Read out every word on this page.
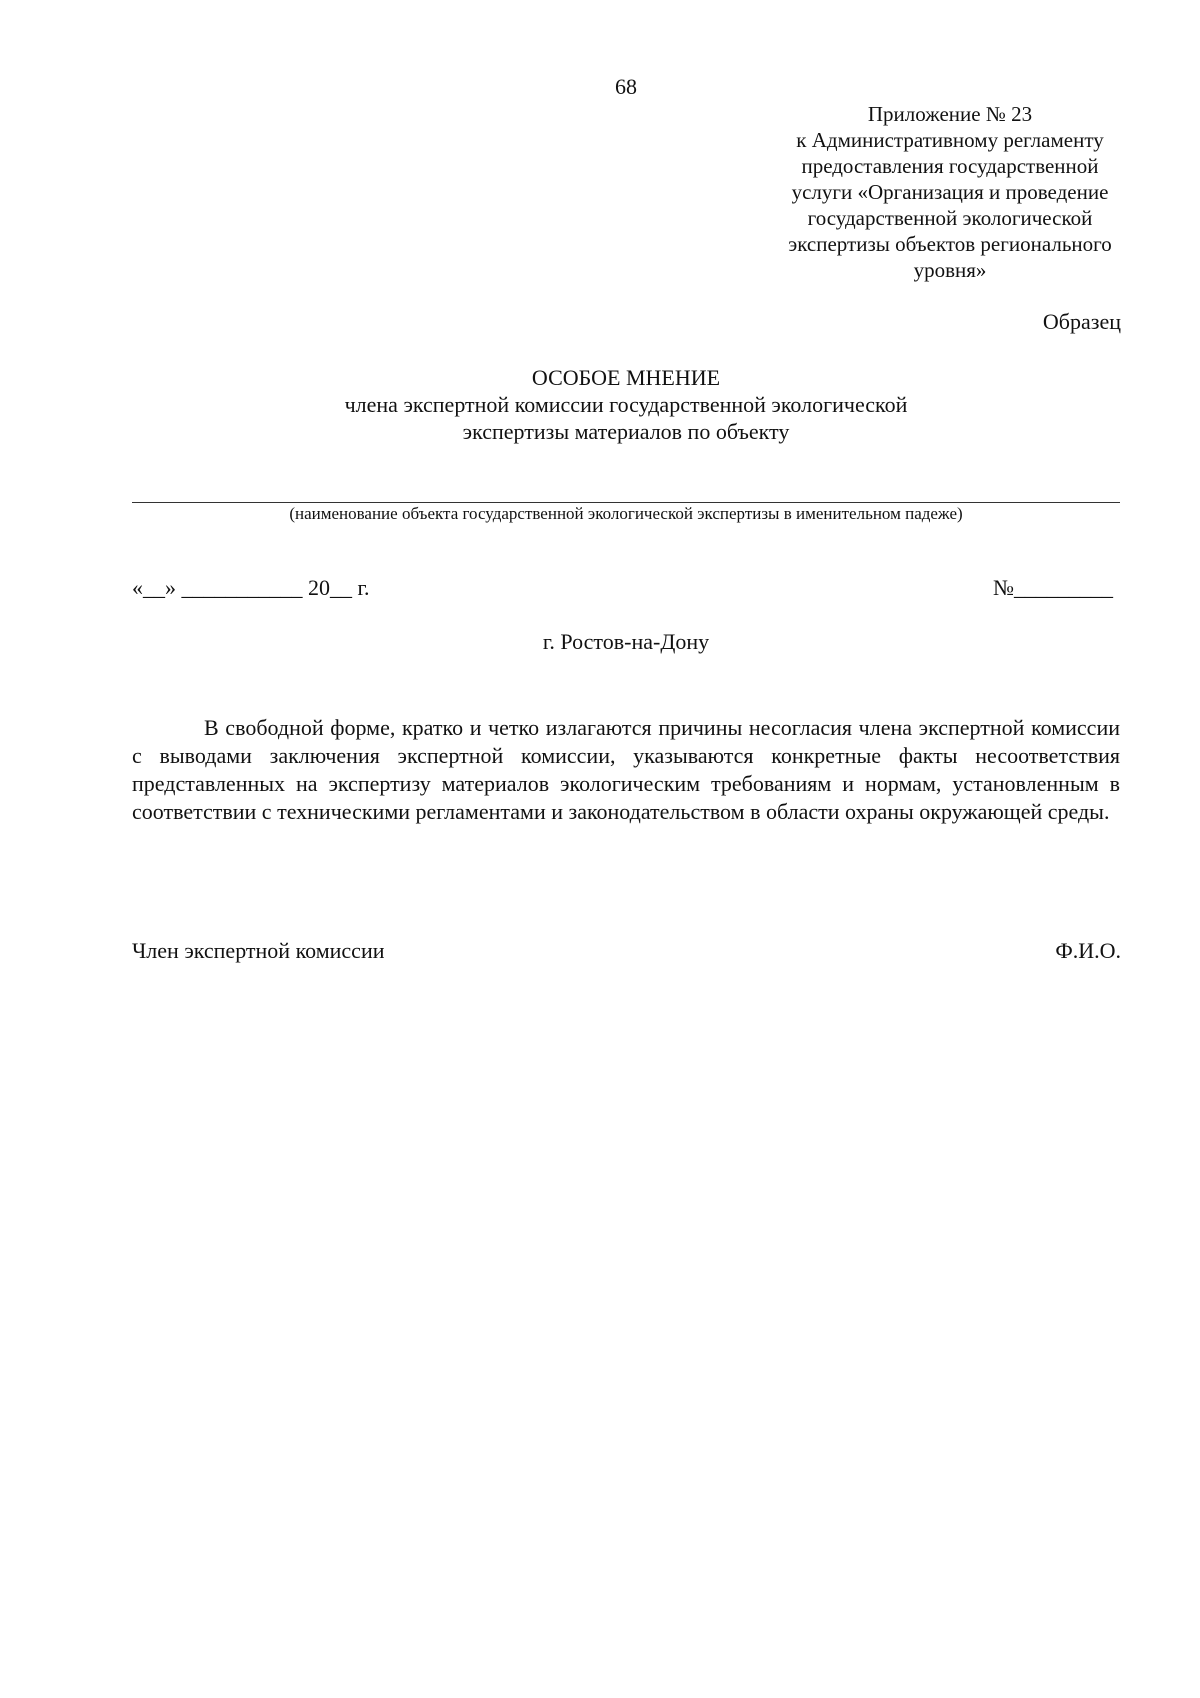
68
Приложение № 23
к Административному регламенту
предоставления государственной
услуги «Организация и проведение
государственной экологической
экспертизы объектов регионального
уровня»
Образец
ОСОБОЕ МНЕНИЕ
члена экспертной комиссии государственной экологической
экспертизы материалов по объекту
(наименование объекта государственной экологической экспертизы в именительном падеже)
«__» ___________ 20__ г.	№_________
г. Ростов-на-Дону

В свободной форме, кратко и четко излагаются причины несогласия члена экспертной комиссии с выводами заключения экспертной комиссии, указываются конкретные факты несоответствия представленных на экспертизу материалов экологическим требованиям и нормам, установленным в соответствии с техническими регламентами и законодательством в области охраны окружающей среды.

Член экспертной комиссии	Ф.И.О.
